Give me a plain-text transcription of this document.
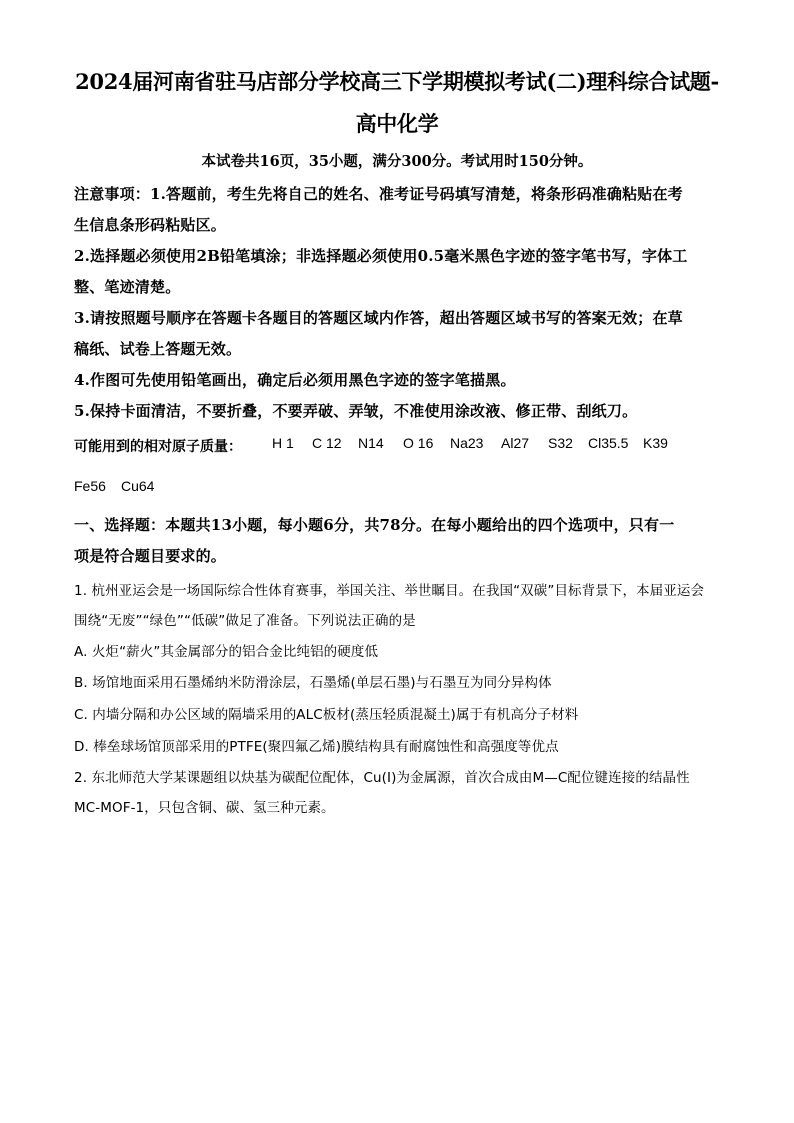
2024届河南省驻马店部分学校高三下学期模拟考试(二)理科综合试题-
高中化学
本试卷共16页，35小题，满分300分。考试用时150分钟。
注意事项：1.答题前，考生先将自己的姓名、准考证号码填写清楚，将条形码准确粘贴在考
生信息条形码粘贴区。
2.选择题必须使用2B铅笔填涂；非选择题必须使用0.5毫米黑色字迹的签字笔书写，字体工
整、笔迹清楚。
3.请按照题号顺序在答题卡各题目的答题区域内作答，超出答题区域书写的答案无效；在草
稿纸、试卷上答题无效。
4.作图可先使用铅笔画出，确定后必须用黑色字迹的签字笔描黑。
5.保持卡面清洁，不要折叠，不要弄破、弄皱，不准使用涂改液、修正带、刮纸刀。
可能用到的相对原子质量： H 1 C 12 N14 O 16 Na23 Al27 S32 Cl35.5 K39
Fe56 Cu64
一、选择题：本题共13小题，每小题6分，共78分。在每小题给出的四个选项中，只有一
项是符合题目要求的。
1. 杭州亚运会是一场国际综合性体育赛事，举国关注、举世瞩目。在我国“双碳”目标背景下，本届亚运会
围绕“无废”“绿色”“低碳”做足了准备。下列说法正确的是
A. 火炬“薪火”其金属部分的铝合金比纯铝的硬度低
B. 场馆地面采用石墨烯纳米防滑涂层，石墨烯(单层石墨)与石墨互为同分异构体
C. 内墙分隔和办公区域的隔墙采用的ALC板材(蒸压轻质混凝土)属于有机高分子材料
D. 棒垒球场馆顶部采用的PTFE(聚四氟乙烯)膜结构具有耐腐蚀性和高强度等优点
2. 东北师范大学某课题组以炔基为碳配位配体，Cu(Ⅰ)为金属源，首次合成由M—C配位键连接的结晶性
MC-MOF-1，只包含铜、碳、氢三种元素。
